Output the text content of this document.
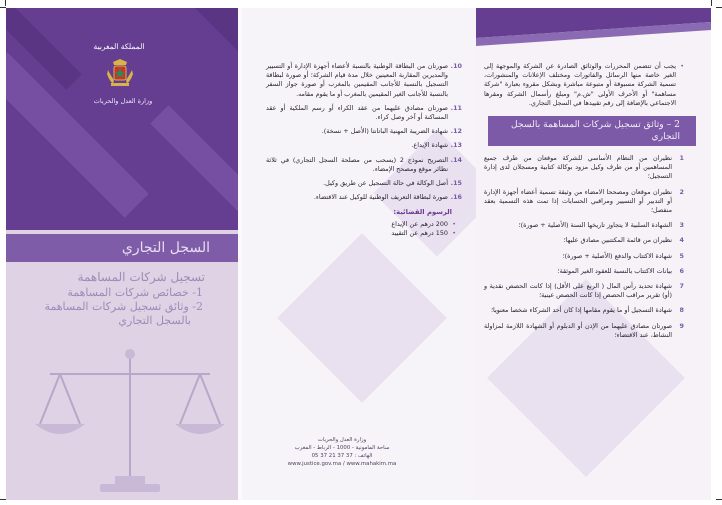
المملكة المغربية
وزارة العدل والحريات
السجل التجاري
تسجيل شركات المساهمة
1- خصائص شركات المساهمة
2- وثائق تسجيل شركات المساهمة
بالسجل التجاري
10.
صورتان من البطاقة الوطنية بالنسبة لأعضاء أجهزة الإدارة أو التسيير والمديرين المقاربة المعينين خلال مدة قيام الشركة؛ أو صورة لبطاقة التسجيل بالنسبة للأجانب المقيمين بالمغرب أو صورة جواز السفر بالنسبة للأجانب الغير المقيمين بالمغرب أو ما يقوم مقامه.
11.
صورتان مصادق عليهما من عقد الكراء أو رسم الملكية أو عقد المساكنة أو آخر وصل كراء.
12.
شهادة الضريبة المهنية الباتانتا (الأصل + نسخة).
13.
شهادة الإيداع.
14.
التصريح نموذج 2 (يسحب من مصلحة السجل التجاري) في ثلاثة نظائر موقع ومصحح الإمضاء.
15.
أصل الوكالة في حالة التسجيل عن طريق وكيل.
16.
صورة لبطاقة التعريف الوطنية للوكيل عند الاقتضاء.
الرسوم القضائية:
• 200 درهم عن الإيداع
• 150 درهم عن التقييد
وزارة العدل والحريات
ساحة المامونية - 1000 - الرباط - المغرب
الهاتف : 37 37 21 37 05
www.justice.gov.ma / www.mahakim.ma
• يجب أن تتضمن المحررات والوثائق الصادرة عن الشركة والموجهة إلى الغير خاصة منها الرسائل والفاتورات ومختلف الإعلانات والمنشورات، تسمية الشركة مسبوقة أو متبوعة مباشرة وبشكل مقروء بعبارة "شركة مساهمة" أو الأحرف الأولى "ش.م" ومبلغ رأسمال الشركة ومقرها الاجتماعي بالإضافة إلى رقم تقييدها في السجل التجاري.
2 – وثائق تسجيل شركات المساهمة بالسجل التجاري
1
نظيران من النظام الأساسي للشركة موقعان من طرف جميع المساهمين أو من طرف وكيل مزود بوكالة كتابية ومسجلان لدى إدارة التسجيل؛
2
نظيران موقعان ومصححا الامضاء من وثيقة تسمية أعضاء أجهزة الإدارة أو التدبير أو التسيير ومراقبي الحسابات إذا تمت هذه التسمية بعقد منفصل؛
3
الشهادة السلبية لا يتجاوز تاريخها السنة (الأصلية + صورة)؛
4
نظيران من قائمة المكتتبين مصادق عليها؛
5
شهادة الاكتتاب والدفع (الأصلية + صورة)؛
6
بيانات الاكتتاب بالنسبة للعقود الغير الموثقة؛
7
شهادة تحديد رأس المال ( الربع على الأقل) إذا كانت الحصص نقدية و (أو) تقرير مراقب الحصص إذا كانت الحصص عينية؛
8
شهادة التسجيل أو ما يقوم مقامها إذا كان أحد الشركاء شخصا معنويا؛
9
صورتان مصادق عليهما من الإذن أو الدبلوم أو الشهادة اللازمة لمزاولة النشاط، عند الاقتضاء؛
